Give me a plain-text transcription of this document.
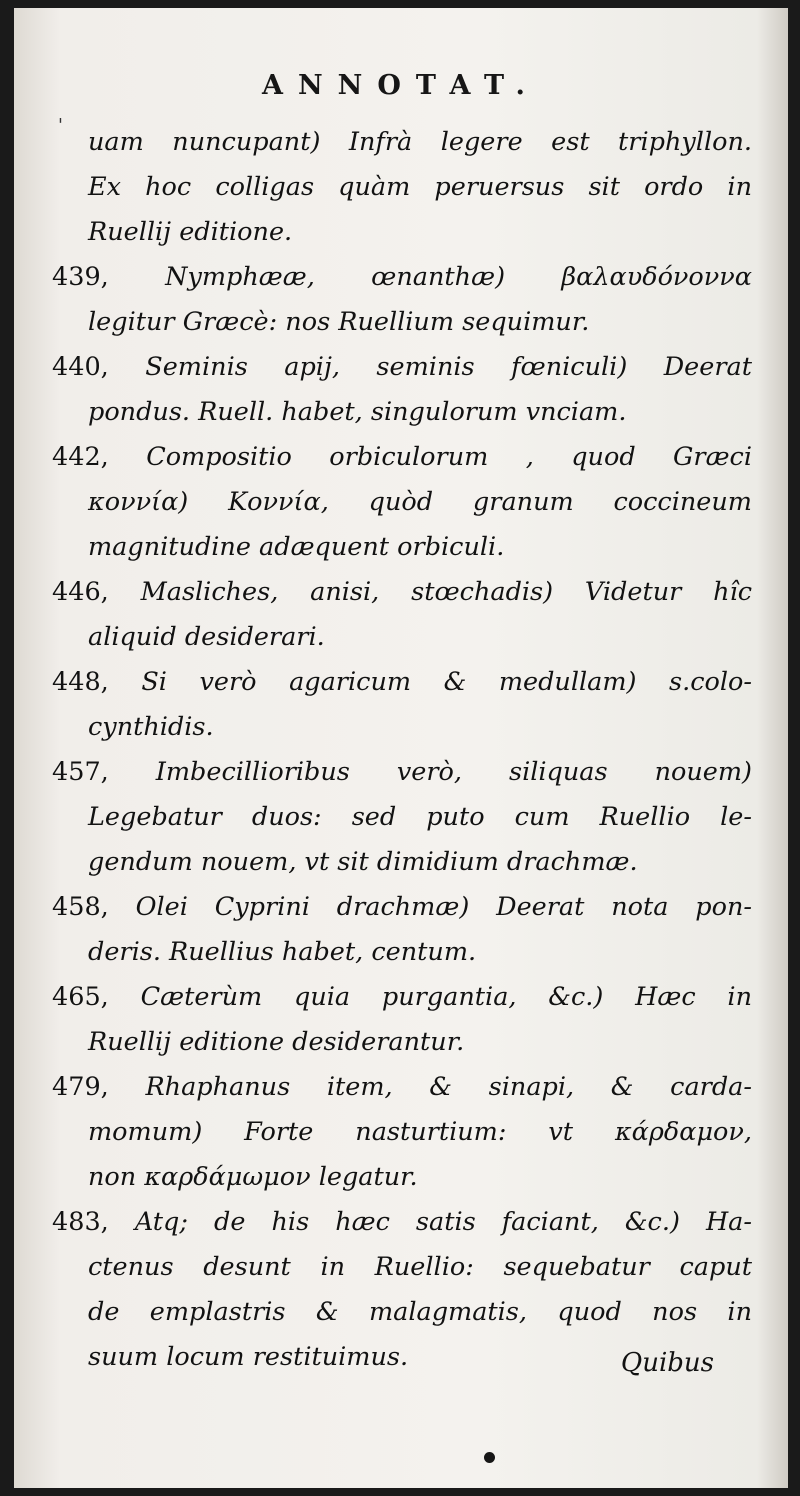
ANNOTAT.
'
uam nuncupant) Infrà legere est triphyllon.
Ex hoc colligas quàm peruersus sit ordo in
Ruellij editione.
439, Nymphææ, œnanthæ) βαλαυδόνοννα
legitur Græcè: nos Ruellium sequimur.
440, Seminis apij, seminis fœniculi) Deerat
pondus. Ruell. habet, singulorum vnciam.
442, Compositio orbiculorum , quod Græci
κοννία) Κοννία, quòd granum coccineum
magnitudine adæquent orbiculi.
446, Masliches, anisi, stœchadis) Videtur hîc
aliquid desiderari.
448, Si verò agaricum & medullam) s.colo-
cynthidis.
457, Imbecillioribus verò, siliquas nouem)
Legebatur duos: sed puto cum Ruellio le-
gendum nouem, vt sit dimidium drachmæ.
458, Olei Cyprini drachmæ) Deerat nota pon-
deris. Ruellius habet, centum.
465, Cæterùm quia purgantia, &c.) Hæc in
Ruellij editione desiderantur.
479, Rhaphanus item, & sinapi, & carda-
momum) Forte nasturtium: vt κάρδαμον,
non καρδάμωμον legatur.
483, Atq; de his hæc satis faciant, &c.) Ha-
ctenus desunt in Ruellio: sequebatur caput
de emplastris & malagmatis, quod nos in
suum locum restituimus.	Quibus
